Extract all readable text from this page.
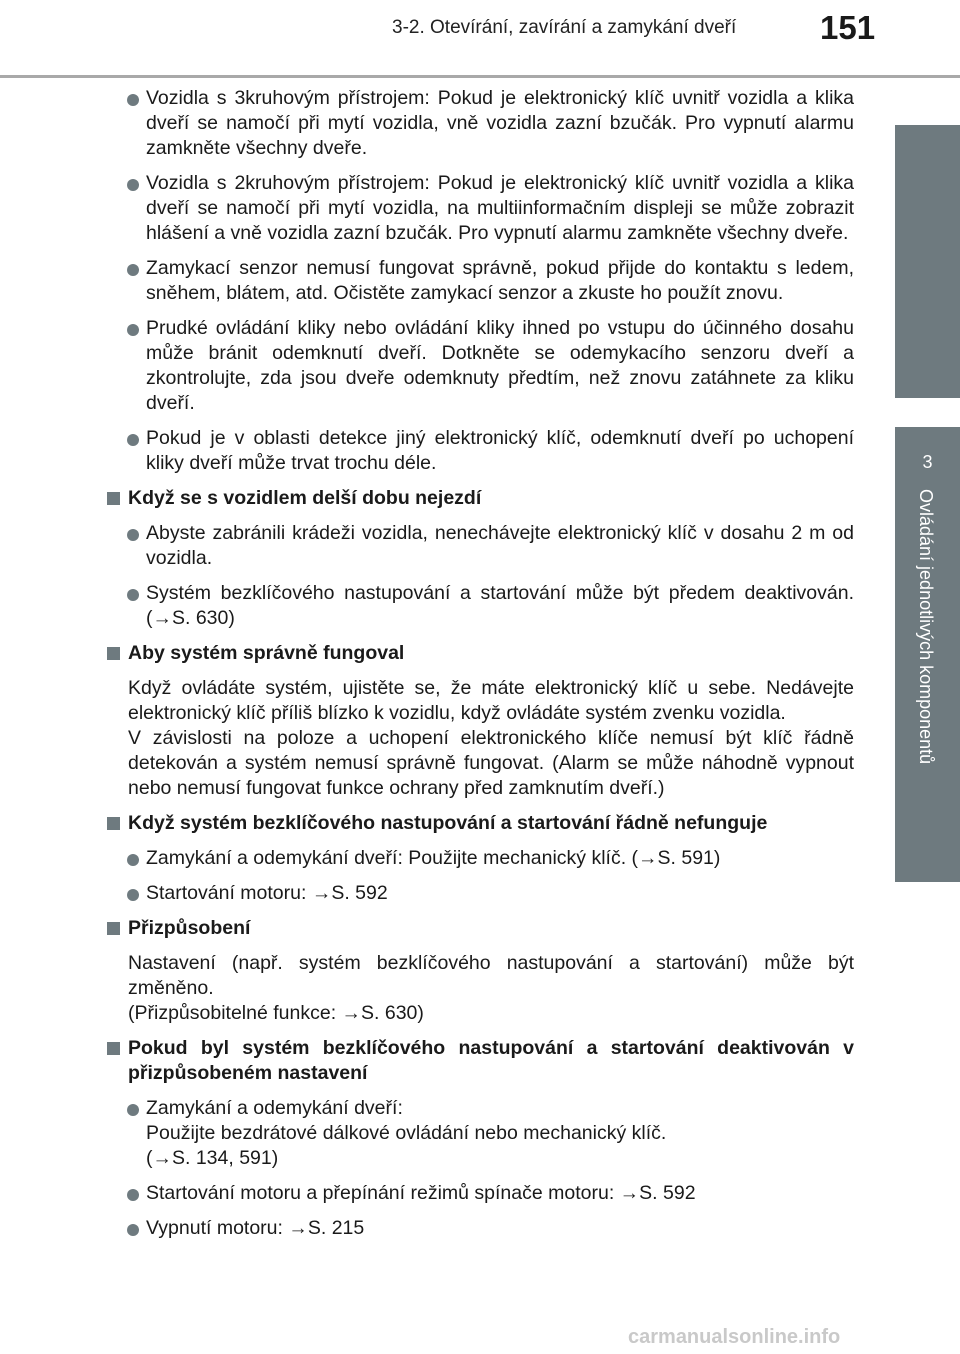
3-2. Otevírání, zavírání a zamykání dveří	151
3
Ovládání jednotlivých komponentů
Vozidla s 3kruhovým přístrojem: Pokud je elektronický klíč uvnitř vozidla a klika dveří se namočí při mytí vozidla, vně vozidla zazní bzučák. Pro vypnutí alarmu zamkněte všechny dveře.
Vozidla s 2kruhovým přístrojem: Pokud je elektronický klíč uvnitř vozidla a klika dveří se namočí při mytí vozidla, na multiinformačním displeji se může zobrazit hlášení a vně vozidla zazní bzučák. Pro vypnutí alarmu zamkněte všechny dveře.
Zamykací senzor nemusí fungovat správně, pokud přijde do kontaktu s ledem, sněhem, blátem, atd. Očistěte zamykací senzor a zkuste ho použít znovu.
Prudké ovládání kliky nebo ovládání kliky ihned po vstupu do účinného dosahu může bránit odemknutí dveří. Dotkněte se odemykacího senzoru dveří a zkontrolujte, zda jsou dveře odemknuty předtím, než znovu zatáhnete za kliku dveří.
Pokud je v oblasti detekce jiný elektronický klíč, odemknutí dveří po uchopení kliky dveří může trvat trochu déle.
Když se s vozidlem delší dobu nejezdí
Abyste zabránili krádeži vozidla, nenechávejte elektronický klíč v dosahu 2 m od vozidla.
Systém bezklíčového nastupování a startování může být předem deaktivován. (→S. 630)
Aby systém správně fungoval
Když ovládáte systém, ujistěte se, že máte elektronický klíč u sebe. Nedávejte elektronický klíč příliš blízko k vozidlu, když ovládáte systém zvenku vozidla.
V závislosti na poloze a uchopení elektronického klíče nemusí být klíč řádně detekován a systém nemusí správně fungovat. (Alarm se může náhodně vypnout nebo nemusí fungovat funkce ochrany před zamknutím dveří.)
Když systém bezklíčového nastupování a startování řádně nefunguje
Zamykání a odemykání dveří: Použijte mechanický klíč. (→S. 591)
Startování motoru: →S. 592
Přizpůsobení
Nastavení (např. systém bezklíčového nastupování a startování) může být změněno.
(Přizpůsobitelné funkce: →S. 630)
Pokud byl systém bezklíčového nastupování a startování deaktivován v přizpůsobeném nastavení
Zamykání a odemykání dveří:
Použijte bezdrátové dálkové ovládání nebo mechanický klíč.
(→S. 134, 591)
Startování motoru a přepínání režimů spínače motoru: →S. 592
Vypnutí motoru: →S. 215
carmanualsonline.info
